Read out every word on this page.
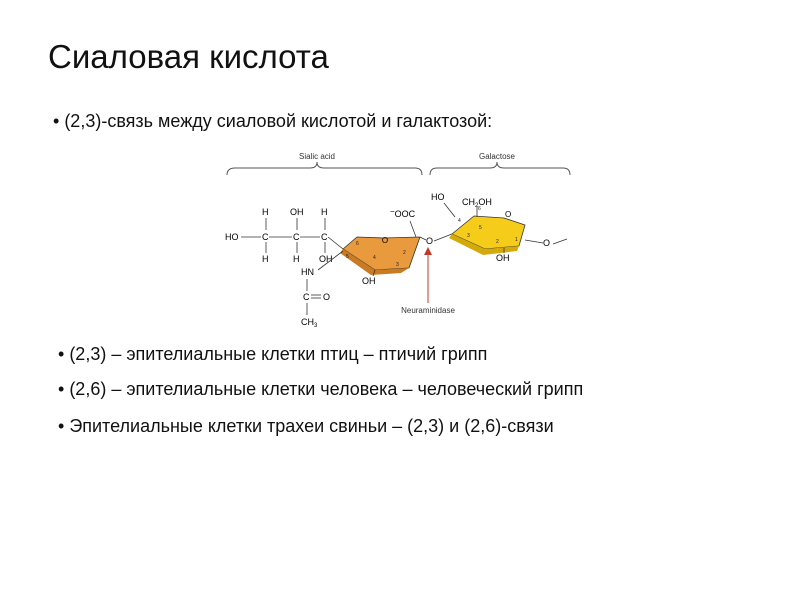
Сиаловая кислота
• (2,3)-связь между сиаловой кислотой и галактозой:
Sialic acid	Galactose
O
2
3
4
5
6
HO	C	C C
H OH H
H	H OH
OH
HN
C O
$CH_3$
−OOC
O
Neuraminidase
O
1
2
3
4
5
6
HO $CH_2OH$
OH
O
• (2,3) – эпителиальные клетки птиц – птичий грипп
• (2,6) – эпителиальные клетки человека – человеческий грипп
• Эпителиальные клетки трахеи свиньи – (2,3) и (2,6)-связи
